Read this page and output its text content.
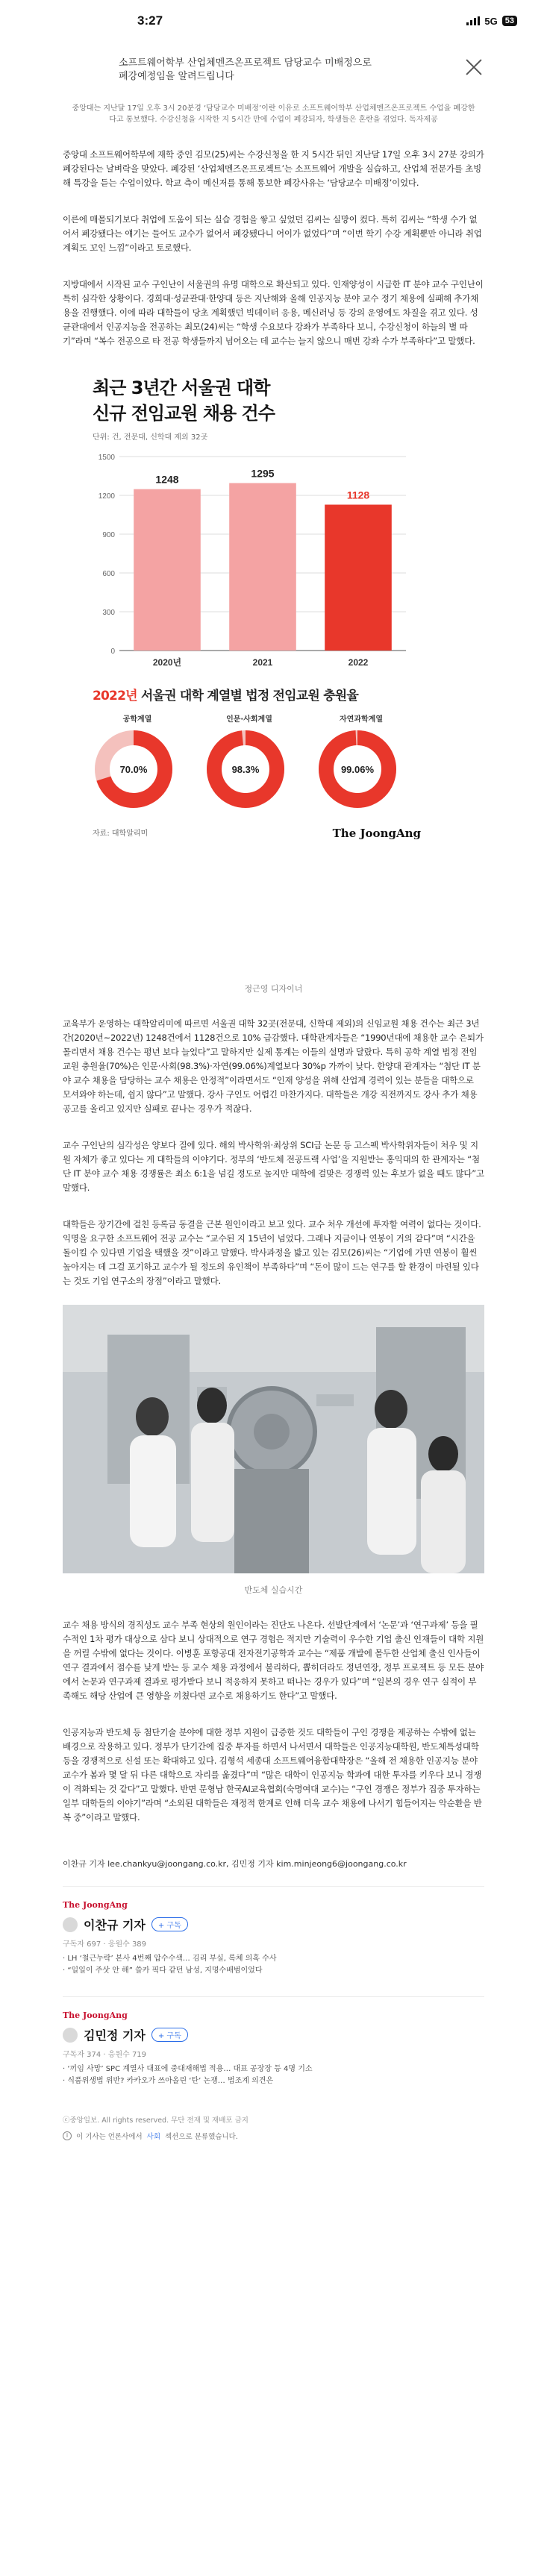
3:27	5G 53
소프트웨어학부 산업체멘즈온프로젝트 담당교수 미배정으로 폐강예정임을 알려드립니다
중앙대는 지난달 17일 오후 3시 20분경 ‘담당교수 미배정’이란 이유로 소프트웨어학부 산업체멘즈온프로젝트 수업을 폐강한다고 통보했다. 수강신청을 시작한 지 5시간 만에 수업이 폐강되자, 학생들은 혼란을 겪었다. 독자제공

중앙대 소프트웨어학부에 재학 중인 김모(25)씨는 수강신청을 한 지 5시간 뒤인 지난달 17일 오후 3시 27분 강의가 폐강된다는 날벼락을 맞았다. 폐강된 ‘산업체멘즈온프로젝트’는 소프트웨어 개발을 실습하고, 산업체 전문가를 초빙해 특강을 듣는 수업이었다. 학교 측이 메신저를 통해 통보한 폐강사유는 ‘담당교수 미배정’이었다.

이른에 매몰되기보다 취업에 도움이 되는 실습 경험을 쌓고 싶었던 김씨는 실망이 컸다. 특히 김씨는 “학생 수가 없어서 폐강됐다는 얘기는 들어도 교수가 없어서 폐강됐다니 어이가 없었다”며 “이번 학기 수강 계획뿐만 아니라 취업 계획도 꼬인 느낌”이라고 토로했다.

지방대에서 시작된 교수 구인난이 서울권의 유명 대학으로 확산되고 있다. 인재양성이 시급한 IT 분야 교수 구인난이 특히 심각한 상황이다. 경희대·성균관대·한양대 등은 지난해와 올해 인공지능 분야 교수 정기 채용에 실패해 추가채용을 진행했다. 이에 따라 대학들이 당초 계획했던 빅데이터 응용, 메신러닝 등 강의 운영에도 차질을 겪고 있다. 성균관대에서 인공지능을 전공하는 최모(24)씨는 “학생 수요보다 강좌가 부족하다 보니, 수강신청이 하늘의 별 따기”라며 “복수 전공으로 타 전공 학생들까지 넘어오는 데 교수는 늘지 않으니 매번 강좌 수가 부족하다”고 말했다.

최근 3년간 서울권 대학
신규 전임교원 채용 건수
단위: 건, 전문대, 신학대 제외 32곳
0
300
600
900
1200
1500
1248
2020년
1295
2021
1128
2022
2022년 서울권 대학 계열별 법정 전임교원 충원율
공학계열
70.0%
인문·사회계열
98.3%
자연과학계열
99.06%
자료: 대학알리미	The JoongAng
정근영 디자이너

교육부가 운영하는 대학알리미에 따르면 서울권 대학 32곳(전문대, 신학대 제외)의 신임교원 채용 건수는 최근 3년간(2020년~2022년) 1248건에서 1128건으로 10% 급감했다. 대학관계자들은 “1990년대에 채용한 교수 은퇴가 몰리면서 채용 건수는 평년 보다 늘었다”고 말하지만 실제 통계는 이들의 설명과 달랐다. 특히 공학 계열 법정 전임교원 충원율(70%)은 인문·사회(98.3%)·자연(99.06%)계열보다 30%p 가까이 낮다. 한양대 관계자는 “첨단 IT 분야 교수 채용을 담당하는 교수 채용은 안정적”이라면서도 “인재 양성을 위해 산업계 경력이 있는 분들을 대학으로 모셔와야 하는데, 쉽지 않다”고 말했다. 강사 구인도 어렵긴 마찬가지다. 대학들은 개강 직전까지도 강사 추가 채용공고를 올리고 있지만 실패로 끝나는 경우가 적잖다.

교수 구인난의 심각성은 양보다 질에 있다. 해외 박사학위·최상위 SCI급 논문 등 고스펙 박사학위자들이 처우 및 지원 자체가 좋고 있다는 게 대학들의 이야기다. 정부의 ‘반도체 전공트랙 사업’을 지원받는 홍익대의 한 관계자는 “첨단 IT 분야 교수 채용 경쟁률은 최소 6:1을 넘길 정도로 높지만 대학에 걸맞은 경쟁력 있는 후보가 없을 때도 많다”고 말했다.

대학들은 장기간에 걸친 등록금 동결을 근본 원인이라고 보고 있다. 교수 처우 개선에 투자할 여력이 없다는 것이다. 익명을 요구한 소프트웨어 전공 교수는 “교수된 지 15년이 넘었다. 그래나 지금이나 연봉이 거의 같다”며 “시간을 돌이킬 수 있다면 기업을 택했을 것”이라고 말했다. 박사과정을 밟고 있는 김모(26)씨는 “기업에 가면 연봉이 훨씬 높아지는 데 그걸 포기하고 교수가 될 정도의 유인책이 부족하다”며 “돈이 많이 드는 연구를 할 환경이 마련될 있다는 것도 기업 연구소의 장점”이라고 말했다.

반도체 실습시간

교수 채용 방식의 경직성도 교수 부족 현상의 원인이라는 진단도 나온다. 선발단계에서 ‘논문’과 ‘연구과제’ 등을 필수적인 1차 평가 대상으로 삼다 보니 상대적으로 연구 경험은 적지만 기술력이 우수한 기업 출신 인재들이 대학 지원을 꺼릴 수밖에 없다는 것이다. 이병훈 포항공대 전자전기공학과 교수는 “제품 개발에 몰두한 산업체 출신 인사들이 연구 결과에서 점수를 낮게 받는 등 교수 채용 과정에서 불리하다, 뽑히더라도 정년연장, 정부 프로젝트 등 모든 분야에서 논문과 연구과제 결과로 평가받다 보니 적응하지 못하고 떠나는 경우가 있다”며 “일본의 경우 연구 실적이 부족해도 해당 산업에 큰 영향을 끼쳤다면 교수로 채용하기도 한다”고 말했다.

인공지능과 반도체 등 첨단기술 분야에 대한 정부 지원이 급증한 것도 대학들이 구인 경쟁을 제공하는 수밖에 없는 배경으로 작용하고 있다. 정부가 단기간에 집중 투자를 하면서 나서면서 대학들은 인공지능대학원, 반도체특성대학 등을 경쟁적으로 신설 또는 확대하고 있다. 김형석 세종대 소프트웨어융합대학장은 “올해 전 채용한 인공지능 분야 교수가 봄과 몇 달 뒤 다른 대학으로 자리를 옮겼다”며 “많은 대학이 인공지능 학과에 대한 투자를 키우다 보니 경쟁이 격화되는 것 같다”고 말했다. 반면 문형남 한국AI교육협회(숙명여대 교수)는 “구인 경쟁은 정부가 집중 투자하는 일부 대학들의 이야기”라며 “소외된 대학들은 재정적 한계로 인해 더욱 교수 채용에 나서기 힘들어지는 악순환을 반복 중”이라고 말했다.

이찬규 기자 lee.chankyu@joongang.co.kr, 김민정 기자 kim.minjeong6@joongang.co.kr
The JoongAng
이찬규 기자	+ 구독
구독자 697 · 응원수 389
· LH ‘철근누락’ 본사 4번째 압수수색… 김리 부실, 록체 의혹 수사
· “일일이 주삿 안 해” 쓸카 픽다 같던 남성, 지명수배범이었다
The JoongAng
김민정 기자	+ 구독
구독자 374 · 응원수 719
· ‘끼임 사망’ SPC 계열사 대표에 중대재해법 적용… 대표 공장장 등 4명 기소
· 식품위생법 위반? 카카오가 쓰아올린 ‘탄’ 논쟁… 법조계 의견은
ⓒ중앙일보. All rights reserved. 무단 전재 및 재배포 금지
i	이 기사는 언론사에서 사회 섹션으로 분류했습니다.
